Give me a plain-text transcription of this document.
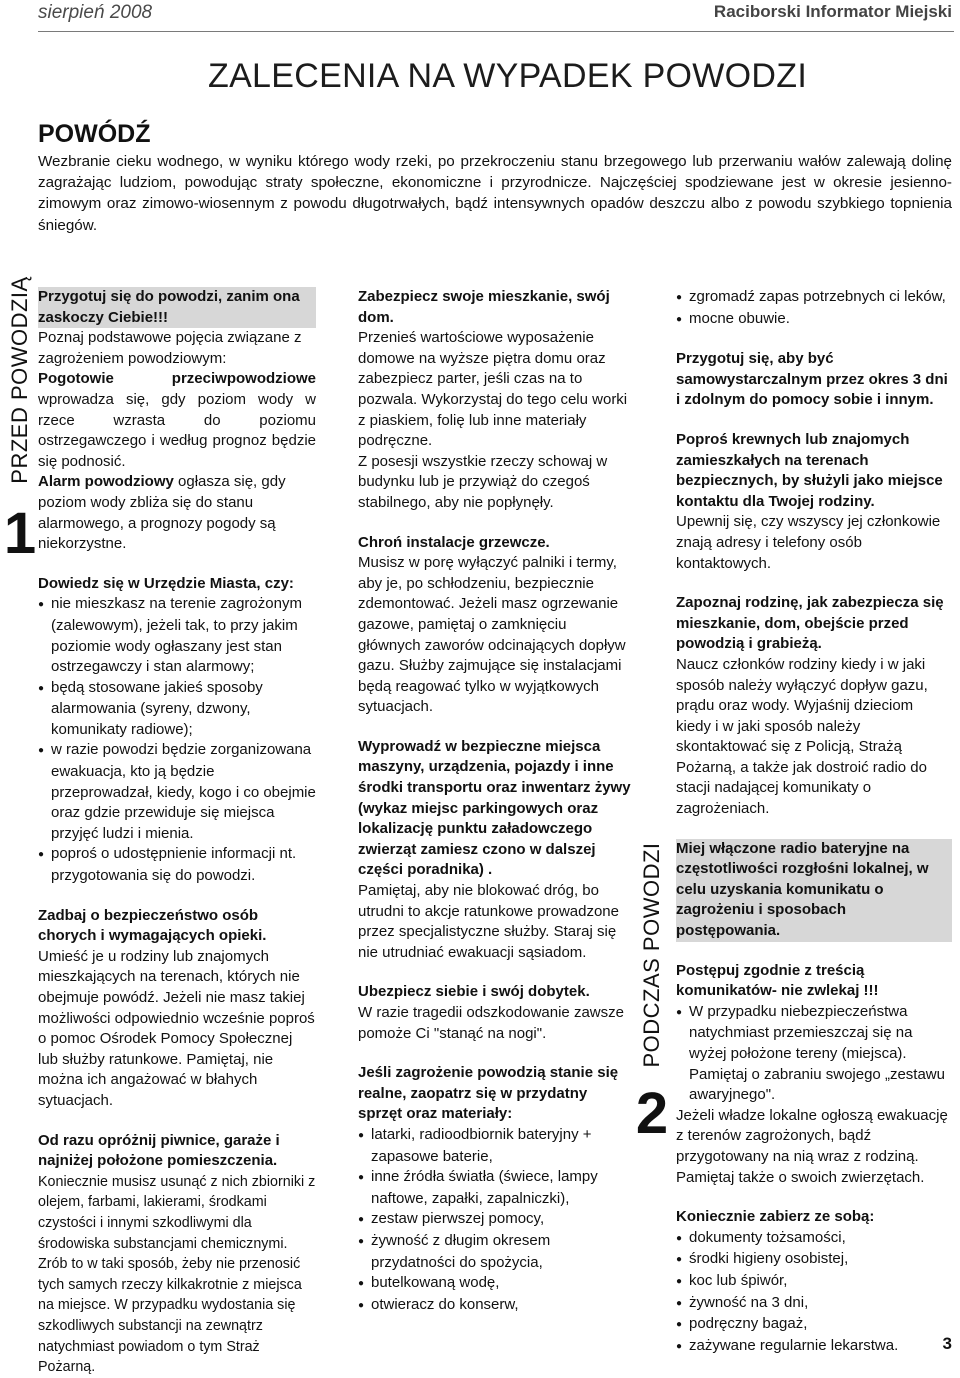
sierpień 2008	Raciborski Informator Miejski
ZALECENIA NA WYPADEK POWODZI
POWÓDŹ

Wezbranie cieku wodnego, w wyniku którego wody rzeki, po przekroczeniu stanu brzegowego lub przerwaniu wałów zalewają dolinę zagrażając ludziom, powodując straty społeczne, ekonomiczne i przyrodnicze. Najczęściej spodziewane jest w okresie jesienno-zimowym oraz zimowo-wiosennym z powodu długotrwałych, bądź intensywnych opadów deszczu albo z powodu szybkiego topnienia śniegów.

PRZED POWODZIĄ
1
PODCZAS POWODZI
2

Przygotuj się do powodzi, zanim ona zaskoczy Ciebie!!!

Poznaj podstawowe pojęcia związane z zagrożeniem powodziowym:

Pogotowie przeciwpowodziowe wprowadza się, gdy poziom wody w rzece wzrasta do poziomu ostrzegawczego i według prognoz będzie się podnosić.

Alarm powodziowy ogłasza się, gdy poziom wody zbliża się do stanu alarmowego, a prognozy pogody są niekorzystne.

Dowiedz się w Urzędzie Miasta, czy:

● nie mieszkasz na terenie zagrożonym (zalewowym), jeżeli tak, to przy jakim poziomie wody ogłaszany jest stan ostrzegawczy i stan alarmowy;

● będą stosowane jakieś sposoby alarmowania (syreny, dzwony, komunikaty radiowe);

● w razie powodzi będzie zorganizowana ewakuacja, kto ją będzie przeprowadzał, kiedy, kogo i co obejmie oraz gdzie przewiduje się miejsca przyjęć ludzi i mienia.

● poproś o udostępnienie informacji nt. przygotowania się do powodzi.

Zadbaj o bezpieczeństwo osób chorych i wymagających opieki.

Umieść je u rodziny lub znajomych mieszkających na terenach, których nie obejmuje powódź. Jeżeli nie masz takiej możliwości odpowiednio wcześnie poproś o pomoc Ośrodek Pomocy Społecznej lub służby ratunkowe. Pamiętaj, nie można ich angażować w błahych sytuacjach.

Od razu opróżnij piwnice, garaże i najniżej położone pomieszczenia.

Koniecznie musisz usunąć z nich zbiorniki z olejem, farbami, lakierami, środkami czystości i innymi szkodliwymi dla środowiska substancjami chemicznymi. Zrób to w taki sposób, żeby nie przenosić tych samych rzeczy kilkakrotnie z miejsca na miejsce. W przypadku wydostania się szkodliwych substancji na zewnątrz natychmiast powiadom o tym Straż Pożarną.

Zabezpiecz swoje mieszkanie, swój dom.

Przenieś wartościowe wyposażenie domowe na wyższe piętra domu oraz zabezpiecz parter, jeśli czas na to pozwala. Wykorzystaj do tego celu worki z piaskiem, folię lub inne materiały podręczne.

Z posesji wszystkie rzeczy schowaj w budynku lub je przywiąż do czegoś stabilnego, aby nie popłynęły.

Chroń instalacje grzewcze.

Musisz w porę wyłączyć palniki i termy, aby je, po schłodzeniu, bezpiecznie zdemontować. Jeżeli masz ogrzewanie gazowe, pamiętaj o zamknięciu głównych zaworów odcinających dopływ gazu. Służby zajmujące się instalacjami będą reagować tylko w wyjątkowych sytuacjach.

Wyprowadź w bezpieczne miejsca maszyny, urządzenia, pojazdy i inne środki transportu oraz inwentarz żywy (wykaz miejsc parkingowych oraz lokalizację punktu załadowczego zwierząt zamiesz czono w dalszej części poradnika) .

Pamiętaj, aby nie blokować dróg, bo utrudni to akcje ratunkowe prowadzone przez specjalistyczne służby. Staraj się nie utrudniać ewakuacji sąsiadom.

Ubezpiecz siebie i swój dobytek.

W razie tragedii odszkodowanie zawsze pomoże Ci "stanąć na nogi".

Jeśli zagrożenie powodzią stanie się realne, zaopatrz się w przydatny sprzęt oraz materiały:

● latarki, radioodbiornik bateryjny + zapasowe baterie,

● inne źródła światła (świece, lampy naftowe, zapałki, zapalniczki),

● zestaw pierwszej pomocy,

● żywność z długim okresem przydatności do spożycia,

● butelkowaną wodę,

● otwieracz do konserw,

● zgromadź zapas potrzebnych ci leków,

● mocne obuwie.

Przygotuj się, aby być samowystarczalnym przez okres 3 dni i zdolnym do pomocy sobie i innym.

Poproś krewnych lub znajomych zamieszkałych na terenach bezpiecznych, by służyli jako miejsce kontaktu dla Twojej rodziny.

Upewnij się, czy wszyscy jej członkowie znają adresy i telefony osób kontaktowych.

Zapoznaj rodzinę, jak zabezpiecza się mieszkanie, dom, obejście przed powodzią i grabieżą.

Naucz członków rodziny kiedy i w jaki sposób należy wyłączyć dopływ gazu, prądu oraz wody. Wyjaśnij dzieciom kiedy i w jaki sposób należy skontaktować się z Policją, Strażą Pożarną, a także jak dostroić radio do stacji nadającej komunikaty o zagrożeniach.

Miej włączone radio bateryjne na częstotliwości rozgłośni lokalnej, w celu uzyskania komunikatu o zagrożeniu i sposobach postępowania.

Postępuj zgodnie z treścią komunikatów- nie zwlekaj !!!

● W przypadku niebezpieczeństwa natychmiast przemieszczaj się na wyżej położone tereny (miejsca). Pamiętaj o zabraniu swojego „zestawu awaryjnego".

Jeżeli władze lokalne ogłoszą ewakuację z terenów zagrożonych, bądź przygotowany na nią wraz z rodziną.

Pamiętaj także o swoich zwierzętach.

Koniecznie zabierz ze sobą:

● dokumenty tożsamości,

● środki higieny osobistej,

● koc lub śpiwór,

● żywność na 3 dni,

● podręczny bagaż,

● zażywane regularnie lekarstwa.	3
